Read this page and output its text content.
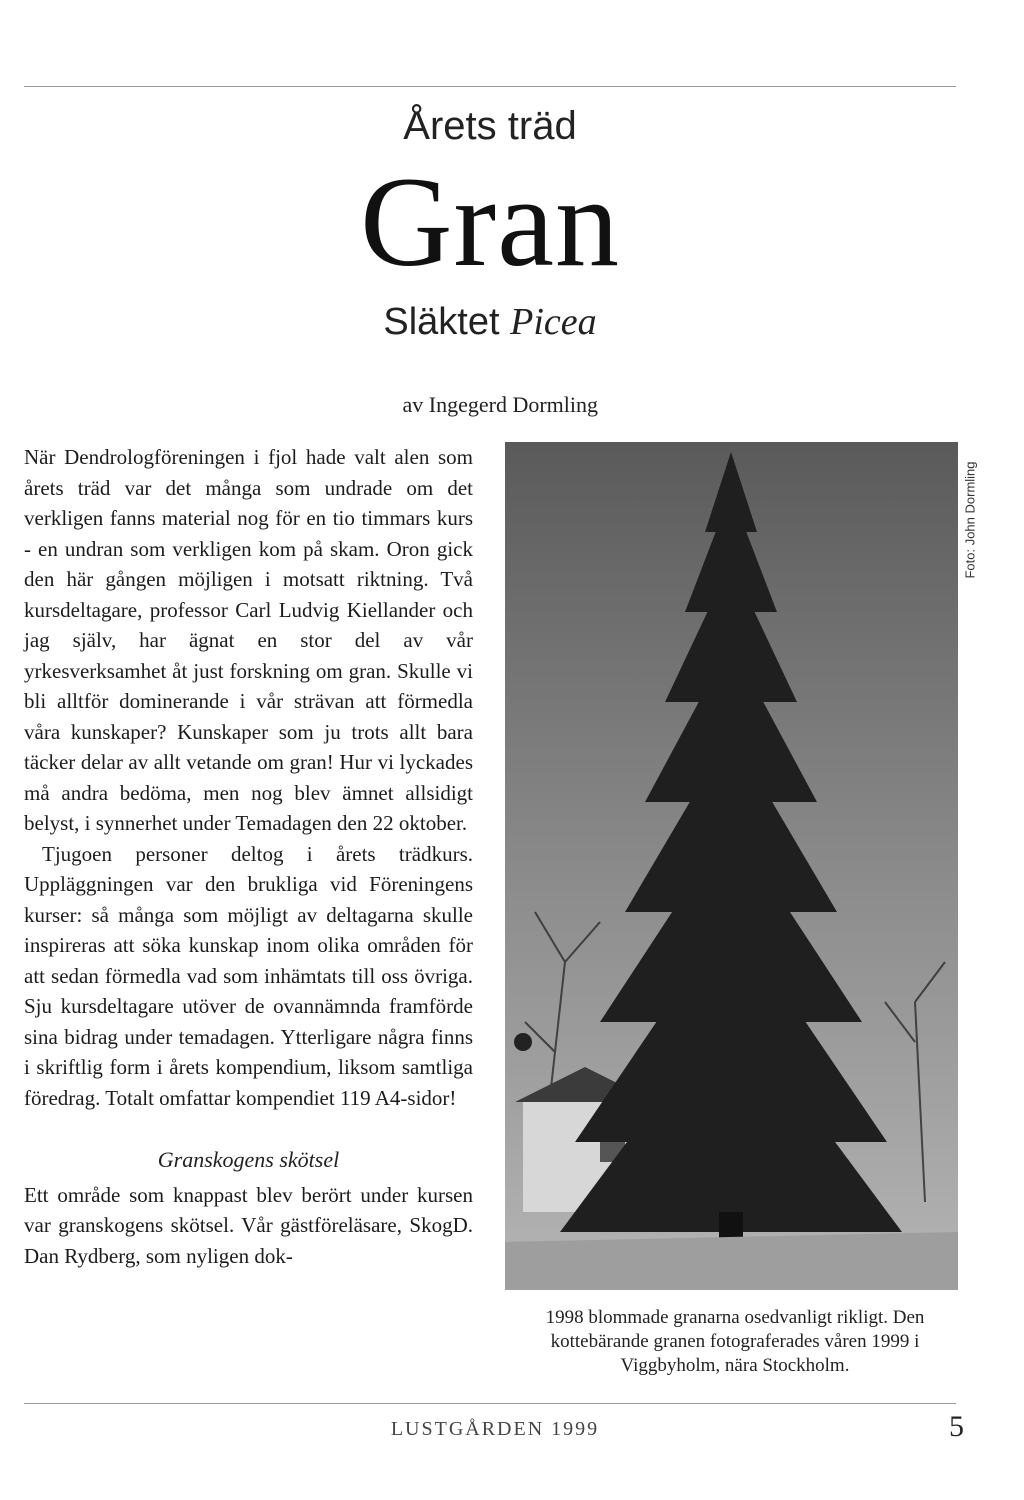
Årets träd
Gran
Släktet Picea
av Ingegerd Dormling

När Dendrologföreningen i fjol hade valt alen som årets träd var det många som undrade om det verkligen fanns material nog för en tio timmars kurs - en undran som verkligen kom på skam. Oron gick den här gången möjligen i motsatt riktning. Två kursdeltagare, professor Carl Ludvig Kiellander och jag själv, har ägnat en stor del av vår yrkesverksamhet åt just forskning om gran. Skulle vi bli alltför dominerande i vår strävan att förmedla våra kunskaper? Kunskaper som ju trots allt bara täcker delar av allt vetande om gran! Hur vi lyckades må andra bedöma, men nog blev ämnet allsidigt belyst, i synnerhet under Temadagen den 22 oktober.

Tjugoen personer deltog i årets trädkurs. Uppläggningen var den brukliga vid Föreningens kurser: så många som möjligt av deltagarna skulle inspireras att söka kunskap inom olika områden för att sedan förmedla vad som inhämtats till oss övriga. Sju kursdeltagare utöver de ovannämnda framförde sina bidrag under temadagen. Ytterligare några finns i skriftlig form i årets kompendium, liksom samtliga föredrag. Totalt omfattar kompendiet 119 A4-sidor!

Granskogens skötsel

Ett område som knappast blev berört under kursen var granskogens skötsel. Vår gästföreläsare, SkogD. Dan Rydberg, som nyligen dok-

Foto: John Dormling
1998 blommade granarna osedvanligt rikligt. Den kottebärande granen fotograferades våren 1999 i Viggbyholm, nära Stockholm.
LUSTGÅRDEN 1999	5
